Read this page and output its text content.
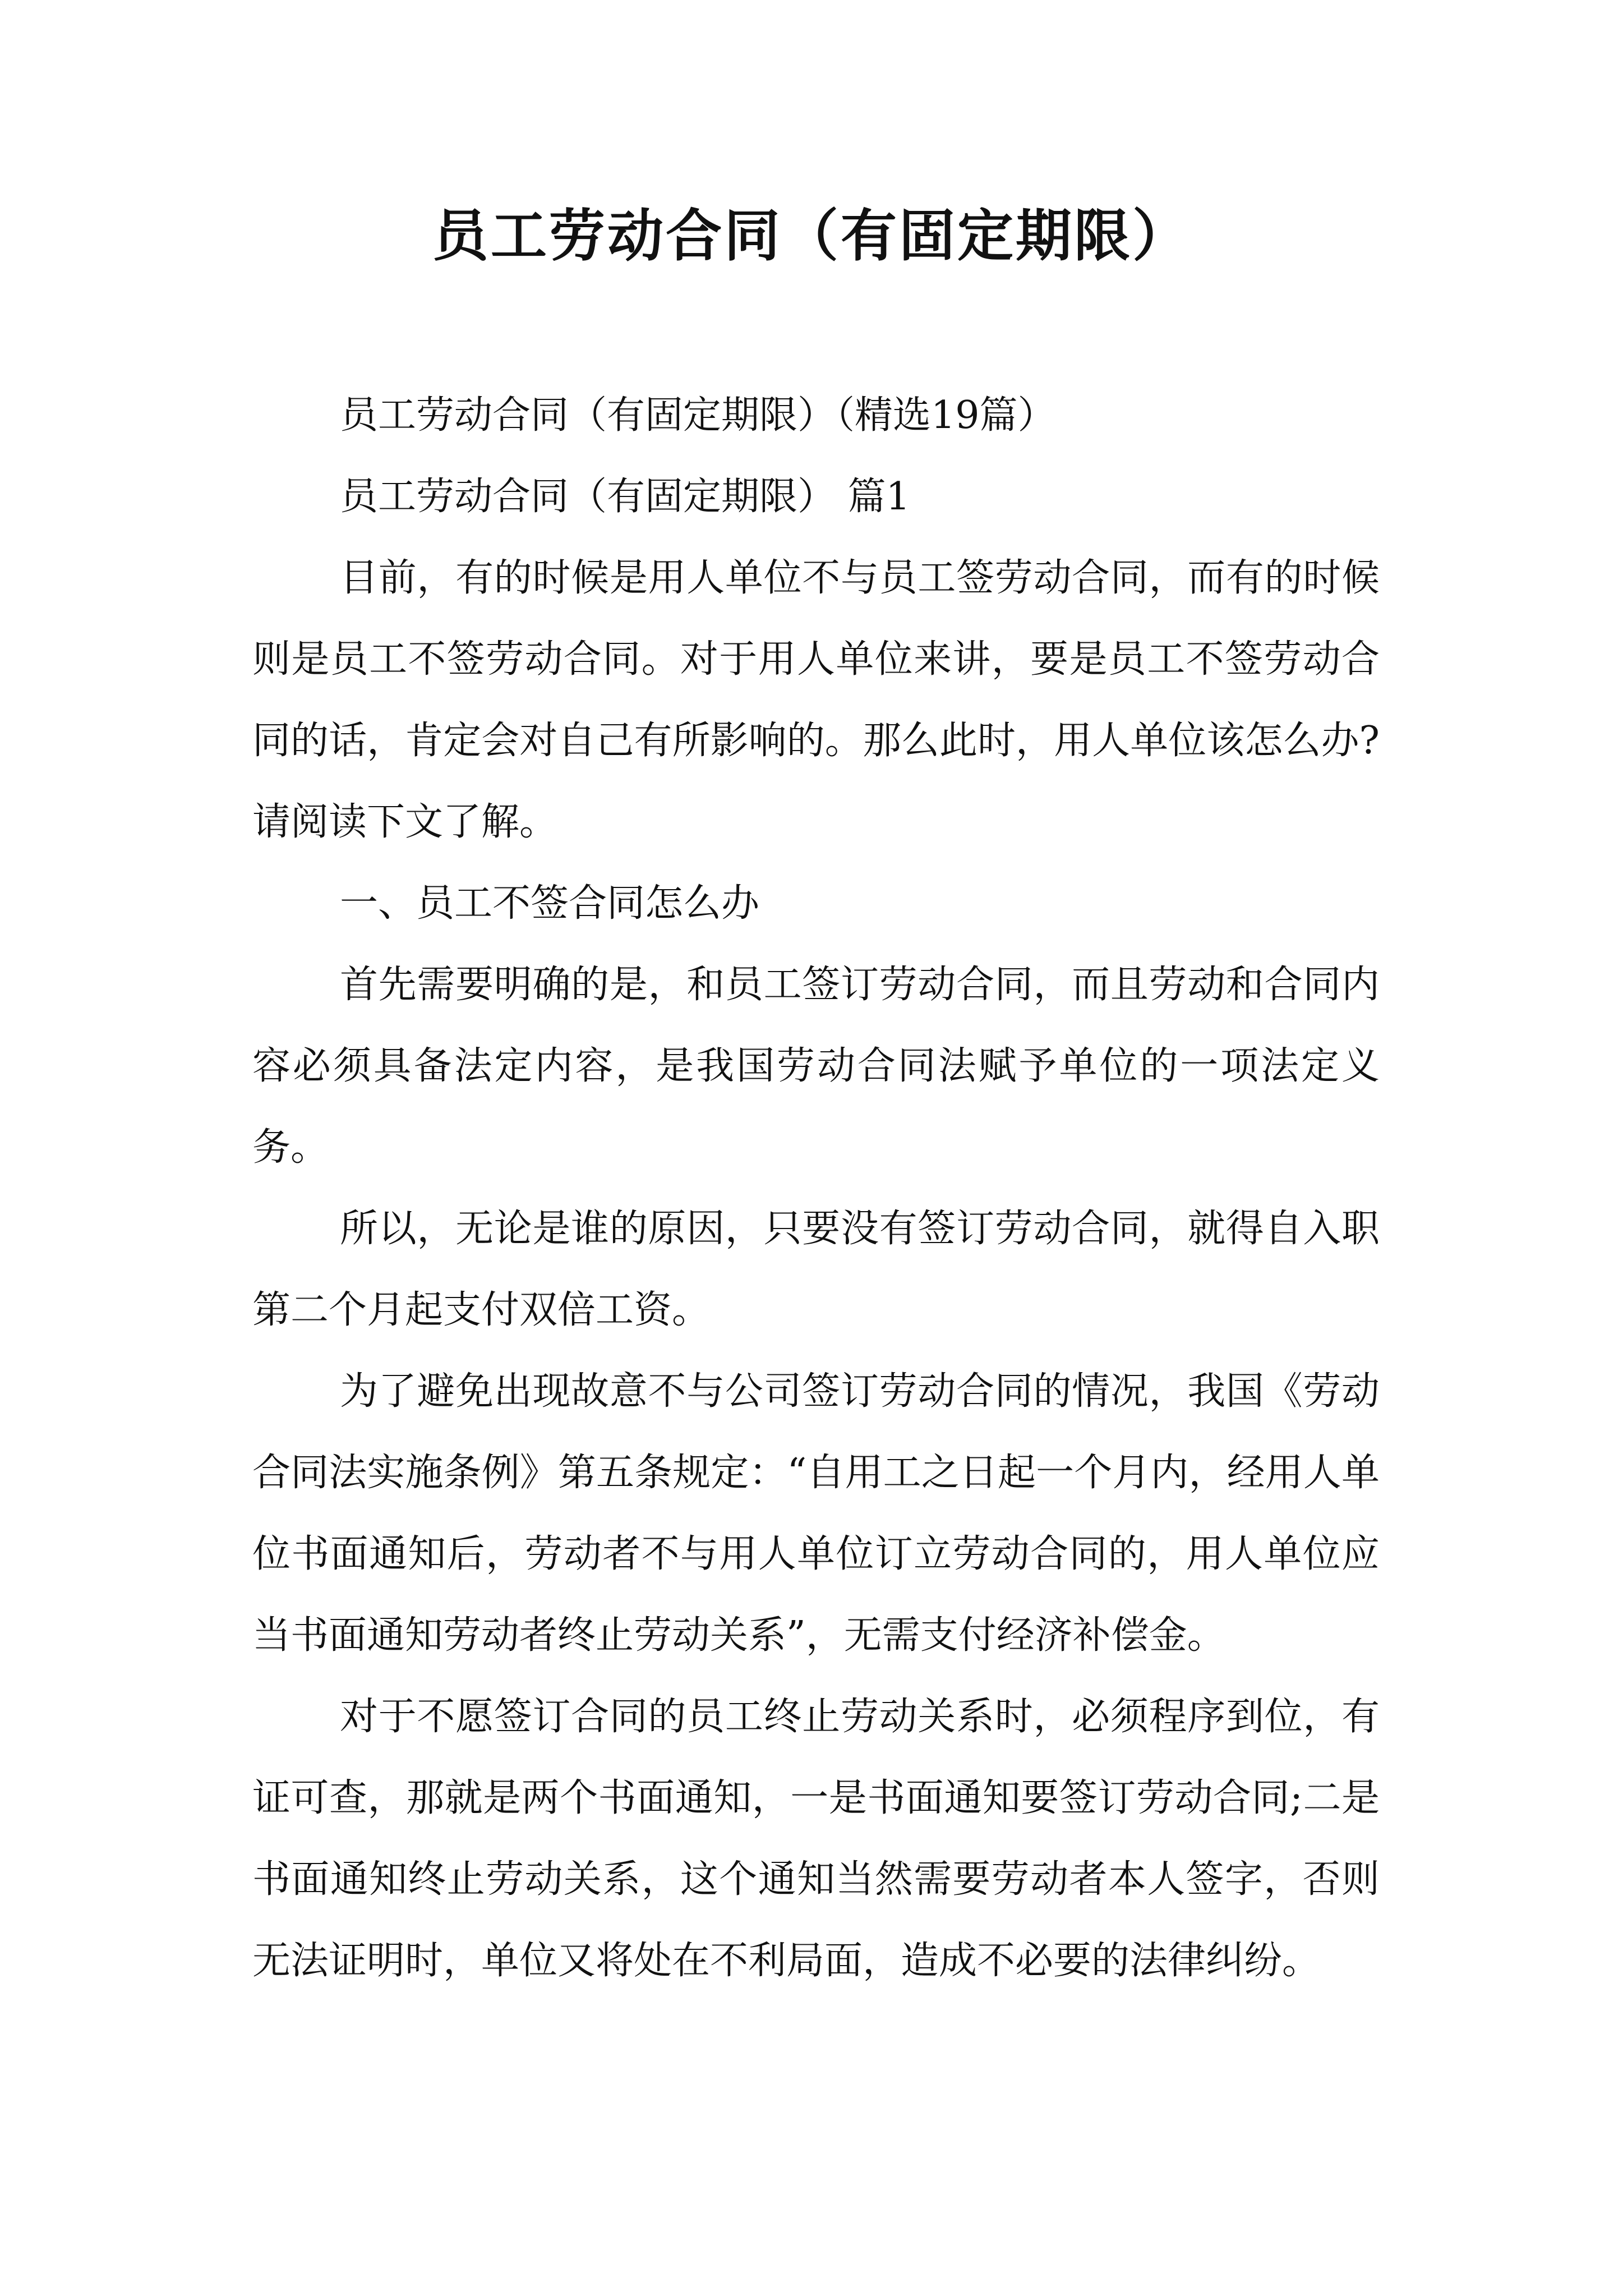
员工劳动合同（有固定期限）

员工劳动合同（有固定期限）（精选19篇）

员工劳动合同（有固定期限） 篇1

目前，有的时候是用人单位不与员工签劳动合同，而有的时候则是员工不签劳动合同。对于用人单位来讲，要是员工不签劳动合同的话，肯定会对自己有所影响的。那么此时，用人单位该怎么办?请阅读下文了解。

一、员工不签合同怎么办

首先需要明确的是，和员工签订劳动合同，而且劳动和合同内容必须具备法定内容，是我国劳动合同法赋予单位的一项法定义务。

所以，无论是谁的原因，只要没有签订劳动合同，就得自入职第二个月起支付双倍工资。

为了避免出现故意不与公司签订劳动合同的情况，我国《劳动合同法实施条例》第五条规定：“自用工之日起一个月内，经用人单位书面通知后，劳动者不与用人单位订立劳动合同的，用人单位应当书面通知劳动者终止劳动关系”，无需支付经济补偿金。

对于不愿签订合同的员工终止劳动关系时，必须程序到位，有证可查，那就是两个书面通知，一是书面通知要签订劳动合同;二是书面通知终止劳动关系，这个通知当然需要劳动者本人签字，否则无法证明时，单位又将处在不利局面，造成不必要的法律纠纷。
